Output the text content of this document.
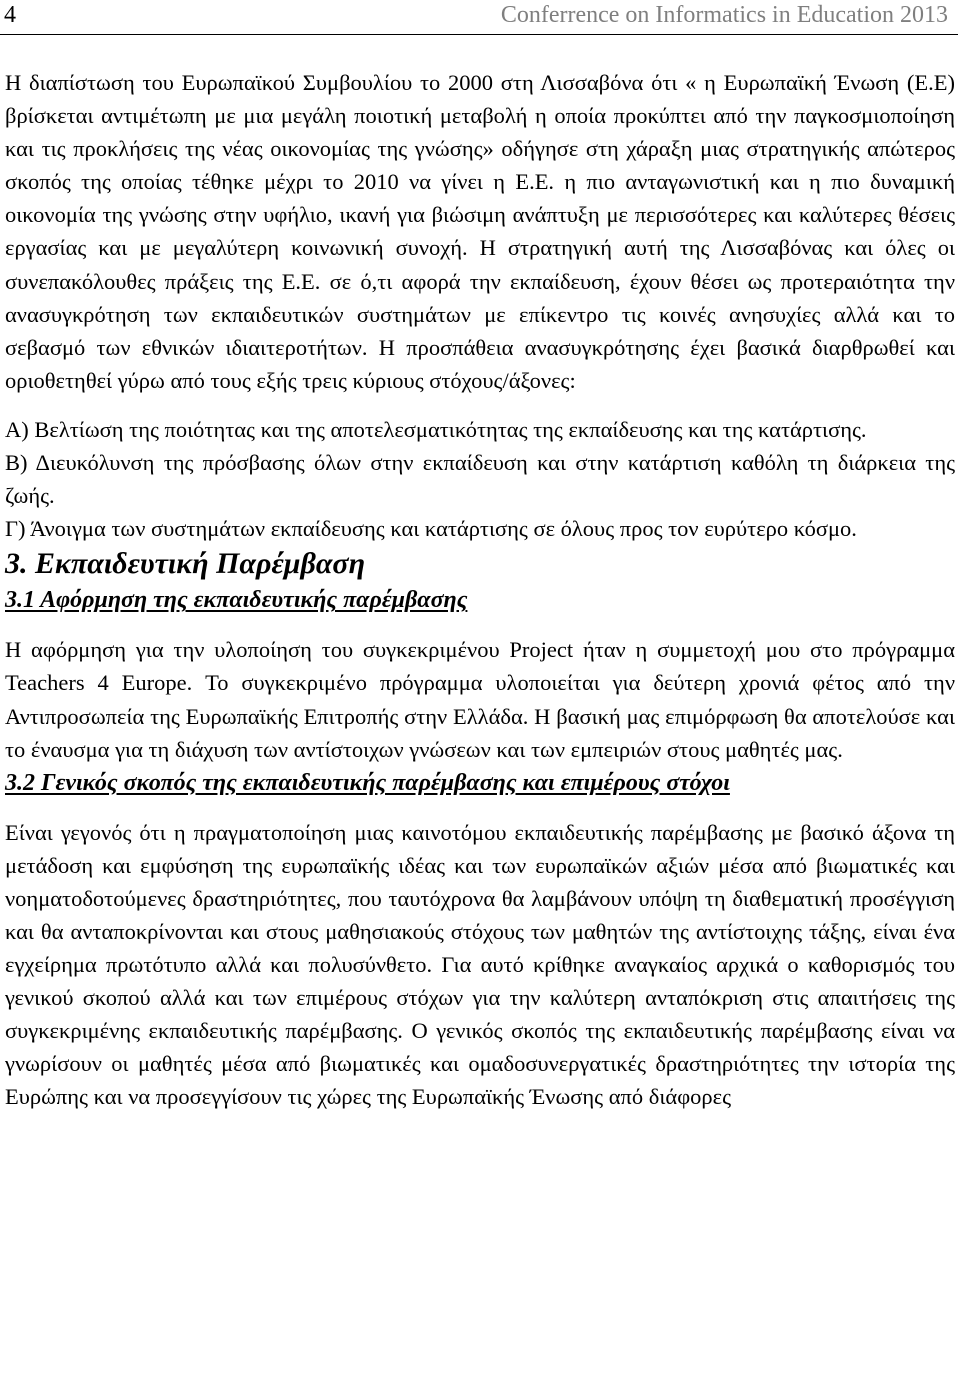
4	Conferrence on Informatics in Education 2013

Η διαπίστωση του Ευρωπαϊκού Συμβουλίου το 2000 στη Λισσαβόνα ότι « η Ευρωπαϊκή Ένωση (Ε.Ε) βρίσκεται αντιμέτωπη με μια μεγάλη ποιοτική μεταβολή η οποία προκύπτει από την παγκοσμιοποίηση και τις προκλήσεις της νέας οικονομίας της γνώσης» οδήγησε στη χάραξη μιας στρατηγικής απώτερος σκοπός της οποίας τέθηκε μέχρι το 2010 να γίνει η Ε.Ε. η πιο ανταγωνιστική και η πιο δυναμική οικονομία της γνώσης στην υφήλιο, ικανή για βιώσιμη ανάπτυξη με περισσότερες και καλύτερες θέσεις εργασίας και με μεγαλύτερη κοινωνική συνοχή. Η στρατηγική αυτή της Λισσαβόνας και όλες οι συνεπακόλουθες πράξεις της Ε.Ε. σε ό,τι αφορά την εκπαίδευση, έχουν θέσει ως προτεραιότητα την ανασυγκρότηση των εκπαιδευτικών συστημάτων με επίκεντρο τις κοινές ανησυχίες αλλά και το σεβασμό των εθνικών ιδιαιτεροτήτων. Η προσπάθεια ανασυγκρότησης έχει βασικά διαρθρωθεί και οριοθετηθεί γύρω από τους εξής τρεις κύριους στόχους/άξονες:

Α) Βελτίωση της ποιότητας και της αποτελεσματικότητας της εκπαίδευσης και της κατάρτισης.

Β) Διευκόλυνση της πρόσβασης όλων στην εκπαίδευση και στην κατάρτιση καθόλη τη διάρκεια της ζωής.

Γ) Άνοιγμα των συστημάτων εκπαίδευσης και κατάρτισης σε όλους προς τον ευρύτερο κόσμο.

3. Εκπαιδευτική Παρέμβαση
3.1 Αφόρμηση της εκπαιδευτικής παρέμβασης

Η αφόρμηση για την υλοποίηση του συγκεκριμένου Project ήταν η συμμετοχή μου στο πρόγραμμα Teachers 4 Europe. Το συγκεκριμένο πρόγραμμα υλοποιείται για δεύτερη χρονιά φέτος από την Αντιπροσωπεία της Ευρωπαϊκής Επιτροπής στην Ελλάδα. Η βασική μας επιμόρφωση θα αποτελούσε και το έναυσμα για τη διάχυση των αντίστοιχων γνώσεων και των εμπειριών στους μαθητές μας.

3.2 Γενικός σκοπός της εκπαιδευτικής παρέμβασης και επιμέρους στόχοι

Είναι γεγονός ότι η πραγματοποίηση μιας καινοτόμου εκπαιδευτικής παρέμβασης με βασικό άξονα τη μετάδοση και εμφύσηση της ευρωπαϊκής ιδέας και των ευρωπαϊκών αξιών μέσα από βιωματικές και νοηματοδοτούμενες δραστηριότητες, που ταυτόχρονα θα λαμβάνουν υπόψη τη διαθεματική προσέγγιση και θα ανταποκρίνονται και στους μαθησιακούς στόχους των μαθητών της αντίστοιχης τάξης, είναι ένα εγχείρημα πρωτότυπο αλλά και πολυσύνθετο. Για αυτό κρίθηκε αναγκαίος αρχικά ο καθορισμός του γενικού σκοπού αλλά και των επιμέρους στόχων για την καλύτερη ανταπόκριση στις απαιτήσεις της συγκεκριμένης εκπαιδευτικής παρέμβασης. Ο γενικός σκοπός της εκπαιδευτικής παρέμβασης είναι να γνωρίσουν οι μαθητές μέσα από βιωματικές και ομαδοσυνεργατικές δραστηριότητες την ιστορία της Ευρώπης και να προσεγγίσουν τις χώρες της Ευρωπαϊκής Ένωσης από διάφορες
